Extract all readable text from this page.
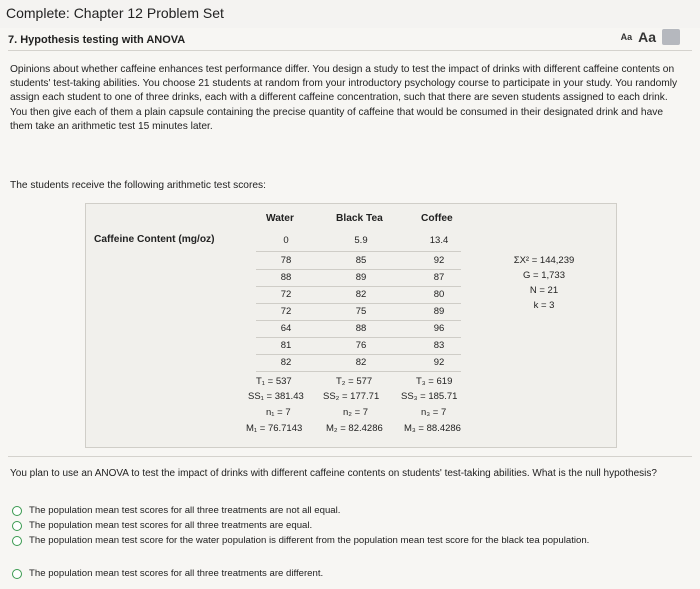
Complete: Chapter 12 Problem Set
7. Hypothesis testing with ANOVA	Aa Aa
Opinions about whether caffeine enhances test performance differ. You design a study to test the impact of drinks with different caffeine contents on students' test-taking abilities. You choose 21 students at random from your introductory psychology course to participate in your study. You randomly assign each student to one of three drinks, each with a different caffeine concentration, such that there are seven students assigned to each drink. You then give each of them a plain capsule containing the precise quantity of caffeine that would be consumed in their designated drink and have them take an arithmetic test 15 minutes later.
The students receive the following arithmetic test scores:
Water	Black Tea	Coffee
Caffeine Content (mg/oz)	0	5.9	13.4
78	85	92
88	89	87
72	82	80
72	75	89
64	88	96
81	76	83
82	82	92
T₁ = 537	T₂ = 577	T₃ = 619
SS₁ = 381.43 SS₂ = 177.71 SS₃ = 185.71
n₁ = 7	n₂ = 7	n₃ = 7
M₁ = 76.7143 M₂ = 82.4286 M₃ = 88.4286
ΣX² = 144,239
G = 1,733
N = 21
k = 3
You plan to use an ANOVA to test the impact of drinks with different caffeine contents on students' test-taking abilities. What is the null hypothesis?
The population mean test scores for all three treatments are not all equal.
The population mean test scores for all three treatments are equal.
The population mean test score for the water population is different from the population mean test score for the black tea population.
The population mean test scores for all three treatments are different.
